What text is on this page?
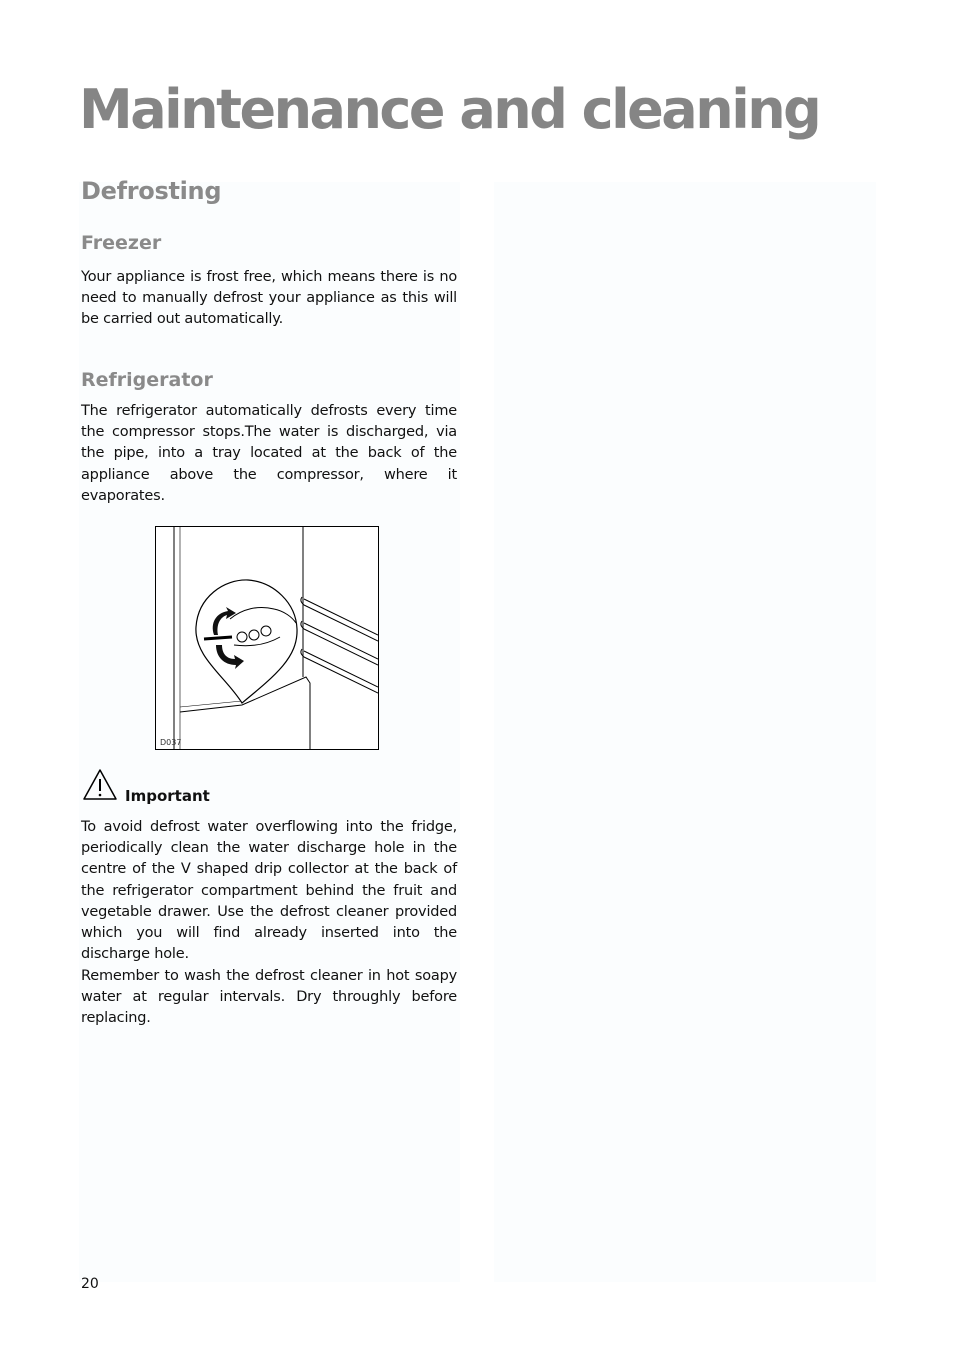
Maintenance and cleaning
Defrosting
Freezer

Your appliance is frost free, which means there is no need to manually defrost your appliance as this will be carried out automatically.

Refrigerator

The refrigerator automatically defrosts every time the compressor stops.The water is discharged, via the pipe, into a tray located at the back of the appliance above the compressor, where it evaporates.

D037

Important

To avoid defrost water overflowing into the fridge, periodically clean the water discharge hole in the centre of the V shaped drip collector at the back of the refrigerator compartment behind the fruit and vegetable drawer. Use the defrost cleaner provided which you will find already inserted into the discharge hole.

Remember to wash the defrost cleaner in hot soapy water at regular intervals. Dry throughly before replacing.

20
